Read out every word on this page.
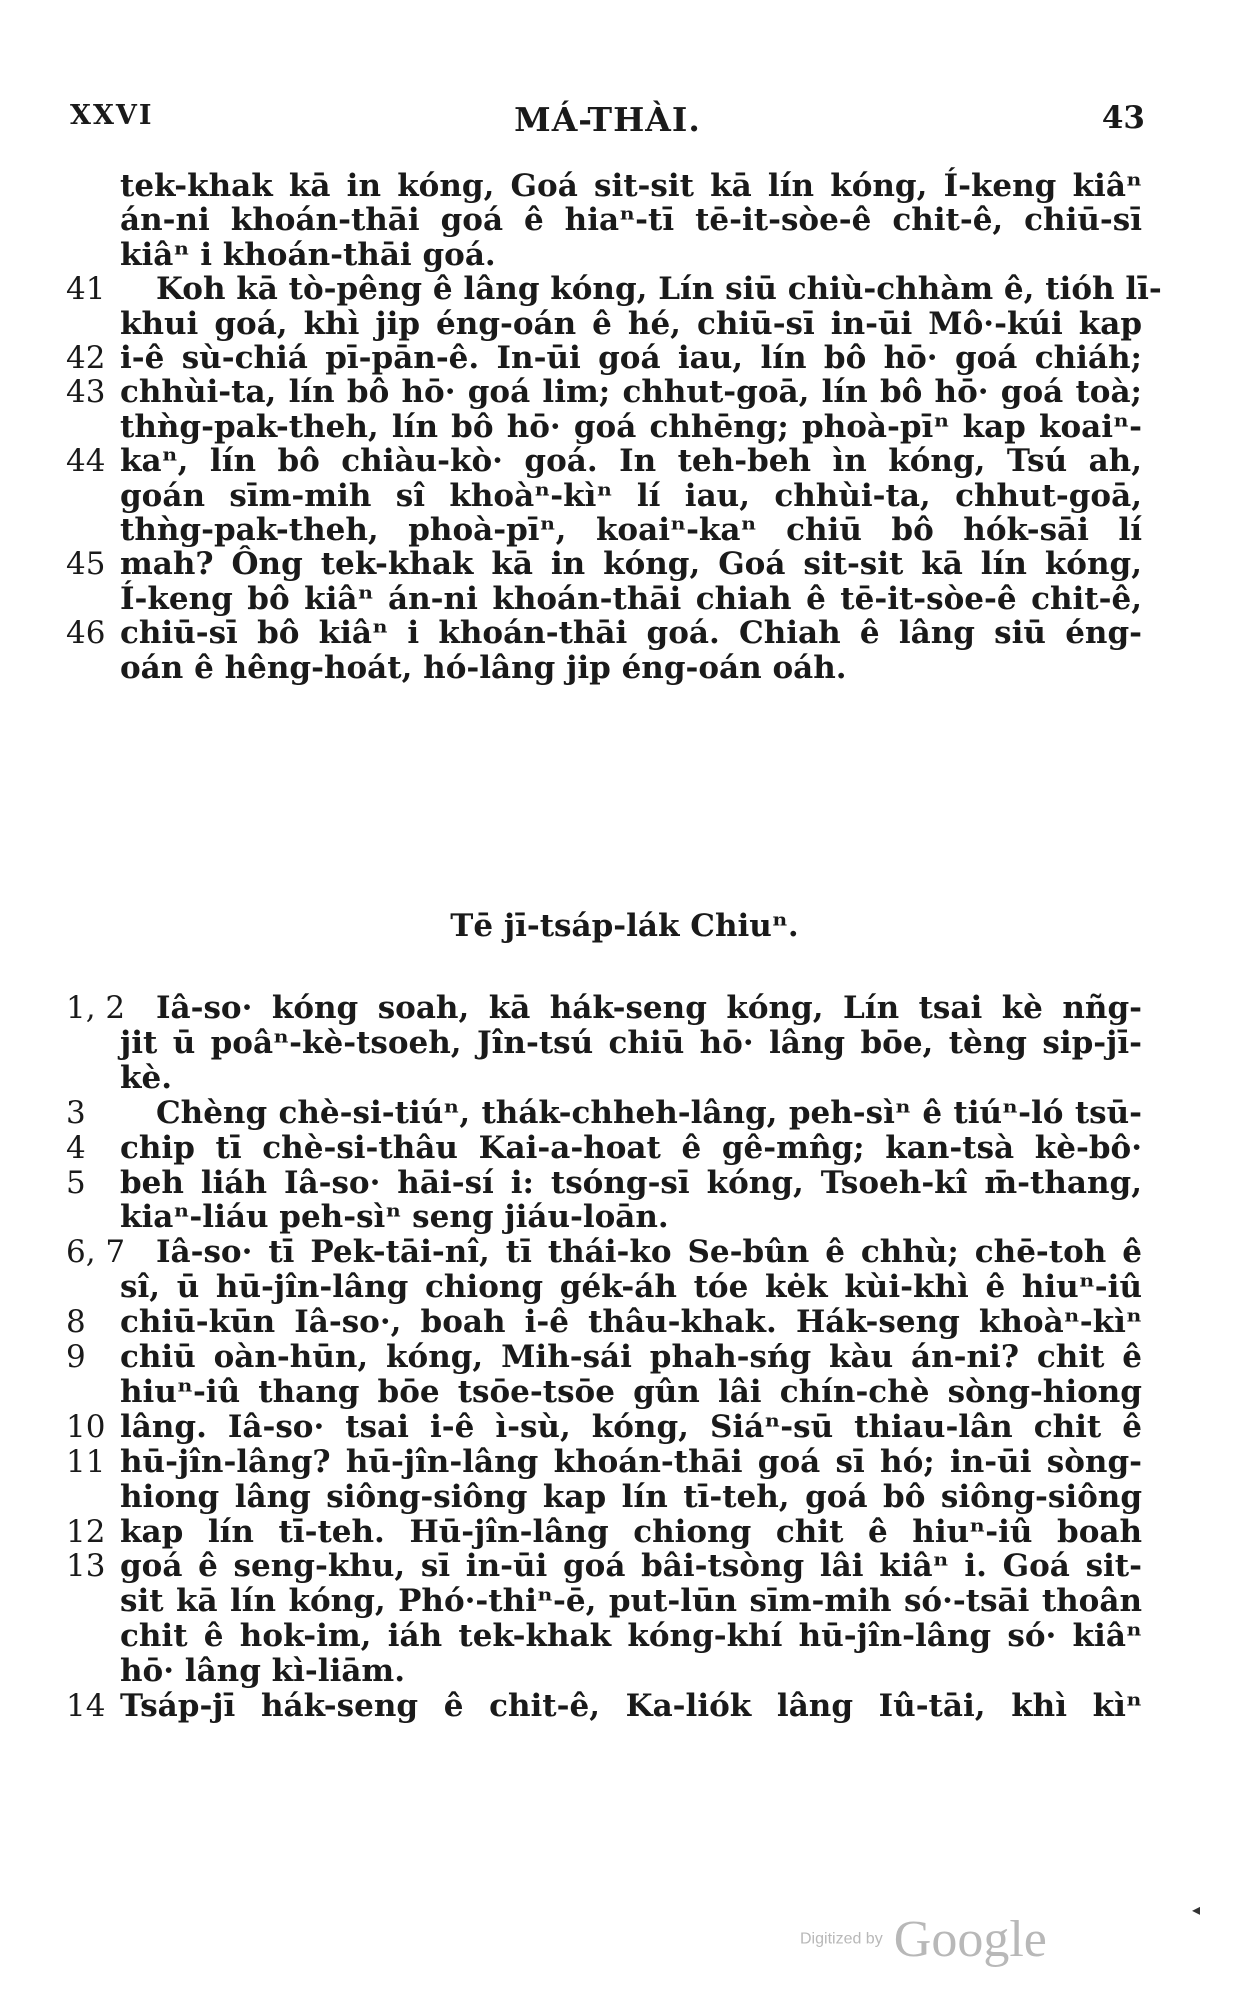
XXVI	MÁ-THÀI.	43
tek-khak kā in kóng, Goá sit-sit kā lín kóng, Í-keng kiâⁿ
án-ni khoán-thāi goá ê hiaⁿ-tī tē-it-sòe-ê chit-ê, chiū-sī
kiâⁿ i khoán-thāi goá.
41 Koh kā tò-pêng ê lâng kóng, Lín siū chiù-chhàm ê, tióh lī-
khui goá, khì jip éng-oán ê hé, chiū-sī in-ūi Mô·-kúi kap
42 i-ê sù-chiá pī-pān-ê. In-ūi goá iau, lín bô hō· goá chiáh;
43 chhùi-ta, lín bô hō· goá lim; chhut-goā, lín bô hō· goá toà;
thǹg-pak-theh, lín bô hō· goá chhēng; phoà-pīⁿ kap koaiⁿ-
44 kaⁿ, lín bô chiàu-kò· goá. In teh-beh ìn kóng, Tsú ah,
goán sīm-mih sî khoàⁿ-kìⁿ lí iau, chhùi-ta, chhut-goā,
thǹg-pak-theh, phoà-pīⁿ, koaiⁿ-kaⁿ chiū bô hók-sāi lí
45 mah? Ông tek-khak kā in kóng, Goá sit-sit kā lín kóng,
Í-keng bô kiâⁿ án-ni khoán-thāi chiah ê tē-it-sòe-ê chit-ê,
46 chiū-sī bô kiâⁿ i khoán-thāi goá. Chiah ê lâng siū éng-
oán ê hêng-hoát, hó-lâng jip éng-oán oáh.
Tē jī-tsáp-lák Chiuⁿ.
1, 2 Iâ-so· kóng soah, kā hák-seng kóng, Lín tsai kè nñg-
jit ū poâⁿ-kè-tsoeh, Jîn-tsú chiū hō· lâng bōe, tèng sip-jī-
kè.
3 Chèng chè-si-tiúⁿ, thák-chheh-lâng, peh-sìⁿ ê tiúⁿ-ló tsū-
4 chip tī chè-si-thâu Kai-a-hoat ê gê-mn̂g; kan-tsà kè-bô·
5 beh liáh Iâ-so· hāi-sí i: tsóng-sī kóng, Tsoeh-kî m̄-thang,
kiaⁿ-liáu peh-sìⁿ seng jiáu-loān.
6, 7 Iâ-so· tī Pek-tāi-nî, tī thái-ko Se-bûn ê chhù; chē-toh ê
sî, ū hū-jîn-lâng chiong gék-áh tóe kėk kùi-khì ê hiuⁿ-iû
8 chiū-kūn Iâ-so·, boah i-ê thâu-khak. Hák-seng khoàⁿ-kìⁿ
9 chiū oàn-hūn, kóng, Mih-sái phah-sńg kàu án-ni? chit ê
hiuⁿ-iû thang bōe tsōe-tsōe gûn lâi chín-chè sòng-hiong
10 lâng. Iâ-so· tsai i-ê ì-sù, kóng, Siáⁿ-sū thiau-lân chit ê
11 hū-jîn-lâng? hū-jîn-lâng khoán-thāi goá sī hó; in-ūi sòng-
hiong lâng siông-siông kap lín tī-teh, goá bô siông-siông
12 kap lín tī-teh. Hū-jîn-lâng chiong chit ê hiuⁿ-iû boah
13 goá ê seng-khu, sī in-ūi goá bâi-tsòng lâi kiâⁿ i. Goá sit-
sit kā lín kóng, Phó·-thiⁿ-ē, put-lūn sīm-mih só·-tsāi thoân
chit ê hok-im, iáh tek-khak kóng-khí hū-jîn-lâng só· kiâⁿ
hō· lâng kì-liām.
14 Tsáp-jī hák-seng ê chit-ê, Ka-liók lâng Iû-tāi, khì kìⁿ
Digitized by Google
◂
